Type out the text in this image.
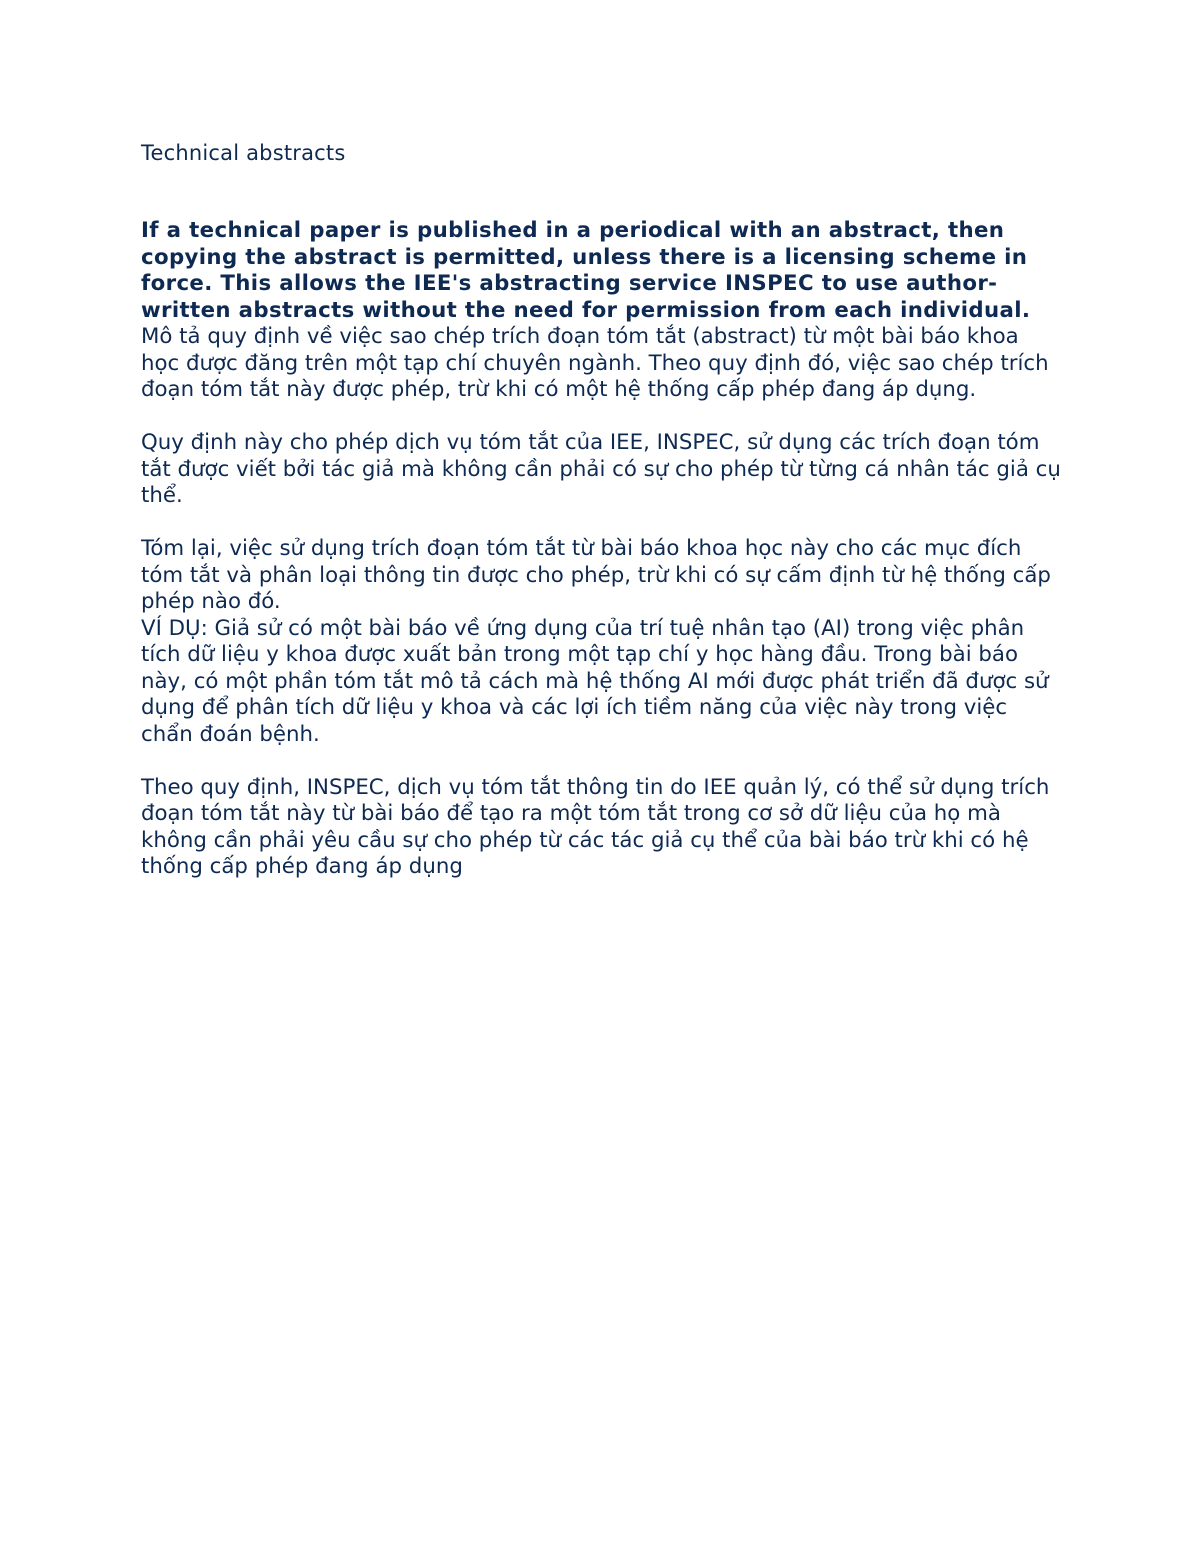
Technical abstracts

If a technical paper is published in a periodical with an abstract, then copying the abstract is permitted, unless there is a licensing scheme in force. This allows the IEE's abstracting service INSPEC to use author-written abstracts without the need for permission from each individual.

Mô tả quy định về việc sao chép trích đoạn tóm tắt (abstract) từ một bài báo khoa học được đăng trên một tạp chí chuyên ngành. Theo quy định đó, việc sao chép trích đoạn tóm tắt này được phép, trừ khi có một hệ thống cấp phép đang áp dụng.

Quy định này cho phép dịch vụ tóm tắt của IEE, INSPEC, sử dụng các trích đoạn tóm tắt được viết bởi tác giả mà không cần phải có sự cho phép từ từng cá nhân tác giả cụ thể.

Tóm lại, việc sử dụng trích đoạn tóm tắt từ bài báo khoa học này cho các mục đích tóm tắt và phân loại thông tin được cho phép, trừ khi có sự cấm định từ hệ thống cấp phép nào đó.

VÍ DỤ: Giả sử có một bài báo về ứng dụng của trí tuệ nhân tạo (AI) trong việc phân tích dữ liệu y khoa được xuất bản trong một tạp chí y học hàng đầu. Trong bài báo này, có một phần tóm tắt mô tả cách mà hệ thống AI mới được phát triển đã được sử dụng để phân tích dữ liệu y khoa và các lợi ích tiềm năng của việc này trong việc chẩn đoán bệnh.

Theo quy định, INSPEC, dịch vụ tóm tắt thông tin do IEE quản lý, có thể sử dụng trích đoạn tóm tắt này từ bài báo để tạo ra một tóm tắt trong cơ sở dữ liệu của họ mà không cần phải yêu cầu sự cho phép từ các tác giả cụ thể của bài báo trừ khi có hệ thống cấp phép đang áp dụng
